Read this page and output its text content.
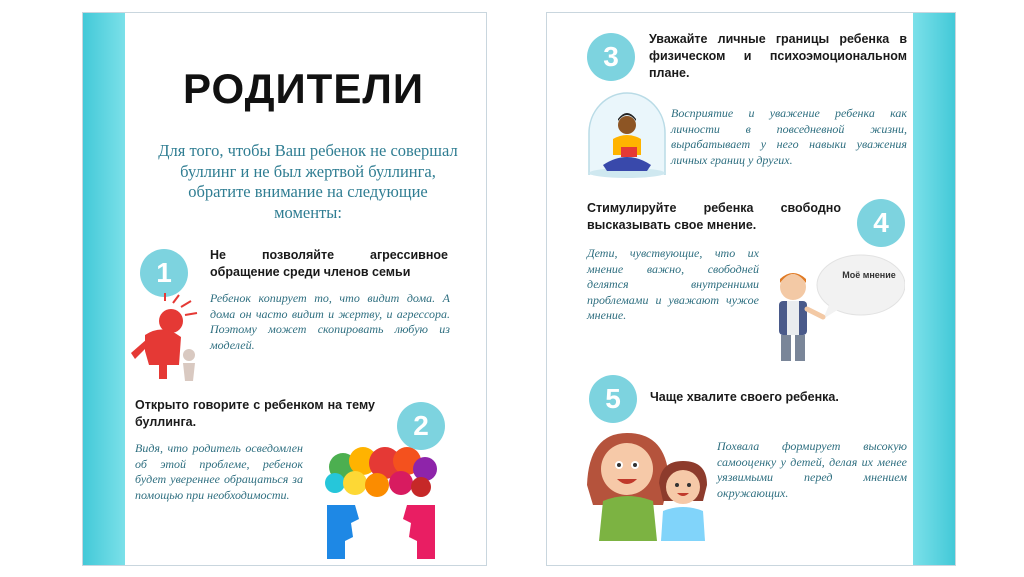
РОДИТЕЛИ
Для того, чтобы Ваш ребенок не совершал буллинг и не был жертвой буллинга, обратите внимание на следующие моменты:
1
Не позволяйте агрессивное обращение среди членов семьи
Ребенок копирует то, что видит дома. А дома он часто видит и жертву, и агрессора. Поэтому может скопировать любую из моделей.
2
Открыто говорите с ребенком на тему буллинга.
Видя, что родитель осведомлен об этой проблеме, ребенок будет увереннее обращаться за помощью при необходимости.
3
Уважайте личные границы ребенка в физическом и психоэмоциональном плане.
Восприятие и уважение ребенка как личности в повседневной жизни, вырабатывает у него навыки уважения личных границ у других.
4
Стимулируйте ребенка свободно высказывать свое мнение.
Дети, чувствующие, что их мнение важно, свободней делятся внутренними проблемами и уважают чужое мнение.
Моё мнение
5	Чаще хвалите своего ребенка.
Похвала формирует высокую самооценку у детей, делая их менее уязвимыми перед мнением окружающих.
